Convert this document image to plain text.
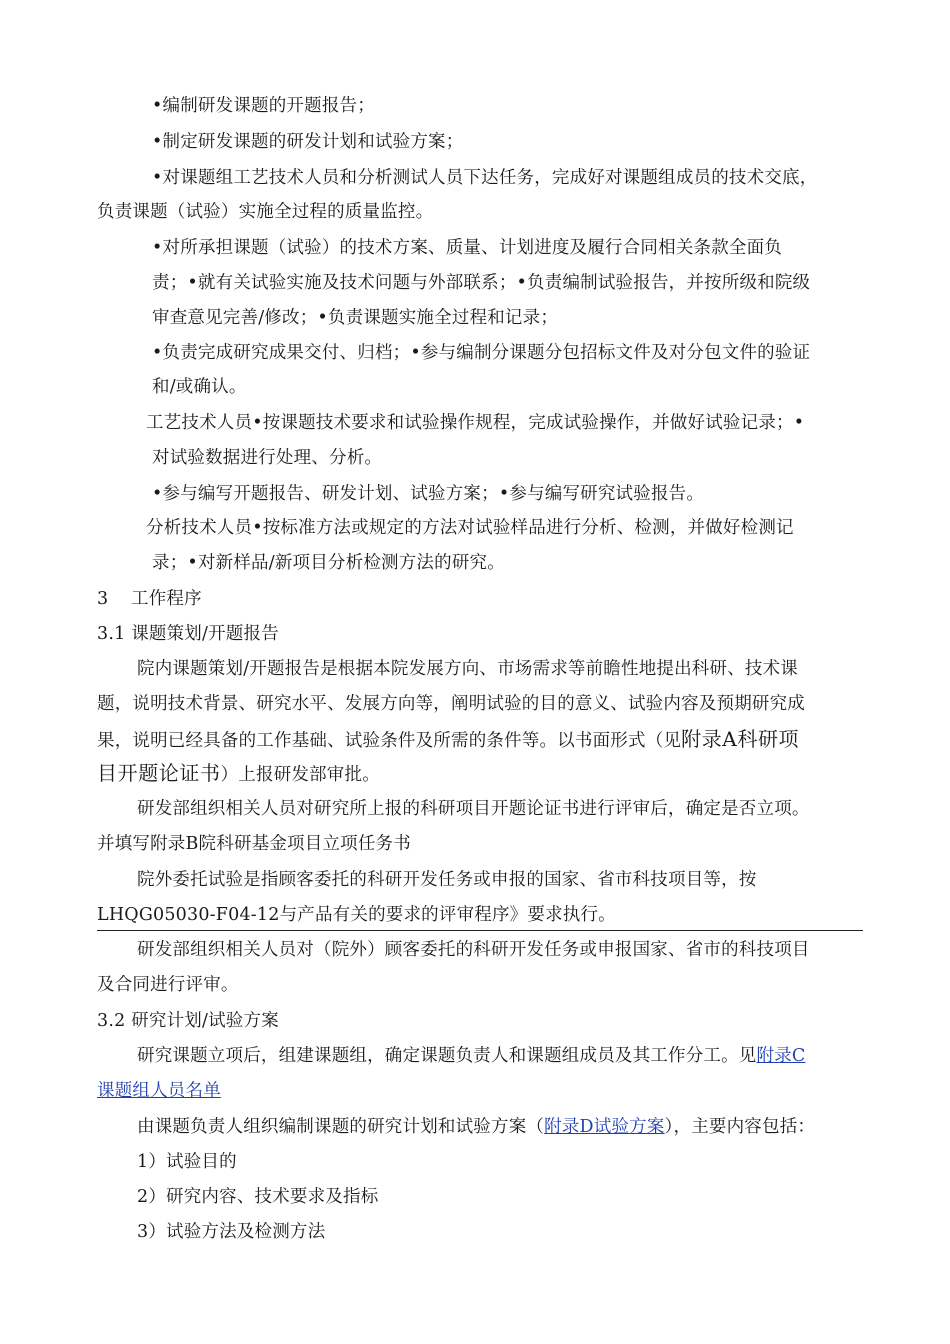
•编制研发课题的开题报告；
•制定研发课题的研发计划和试验方案；
•对课题组工艺技术人员和分析测试人员下达任务，完成好对课题组成员的技术交底，
负责课题（试验）实施全过程的质量监控。
•对所承担课题（试验）的技术方案、质量、计划进度及履行合同相关条款全面负
责；•就有关试验实施及技术问题与外部联系；•负责编制试验报告，并按所级和院级
审查意见完善/修改；•负责课题实施全过程和记录；
•负责完成研究成果交付、归档；•参与编制分课题分包招标文件及对分包文件的验证
和/或确认。
工艺技术人员•按课题技术要求和试验操作规程，完成试验操作，并做好试验记录；•
对试验数据进行处理、分析。
•参与编写开题报告、研发计划、试验方案；•参与编写研究试验报告。
分析技术人员•按标准方法或规定的方法对试验样品进行分析、检测，并做好检测记
录；•对新样品/新项目分析检测方法的研究。
3 工作程序
3.1 课题策划/开题报告
院内课题策划/开题报告是根据本院发展方向、市场需求等前瞻性地提出科研、技术课
题，说明技术背景、研究水平、发展方向等，阐明试验的目的意义、试验内容及预期研究成
果，说明已经具备的工作基础、试验条件及所需的条件等。以书面形式（见附录A科研项
目开题论证书）上报研发部审批。
研发部组织相关人员对研究所上报的科研项目开题论证书进行评审后，确定是否立项。
并填写附录B院科研基金项目立项任务书
院外委托试验是指顾客委托的科研开发任务或申报的国家、省市科技项目等，按
LHQG05030-F04-12与产品有关的要求的评审程序》要求执行。
研发部组织相关人员对（院外）顾客委托的科研开发任务或申报国家、省市的科技项目
及合同进行评审。
3.2 研究计划/试验方案
研究课题立项后，组建课题组，确定课题负责人和课题组成员及其工作分工。见附录C
课题组人员名单
由课题负责人组织编制课题的研究计划和试验方案（附录D试验方案），主要内容包括：
1）试验目的
2）研究内容、技术要求及指标
3）试验方法及检测方法
